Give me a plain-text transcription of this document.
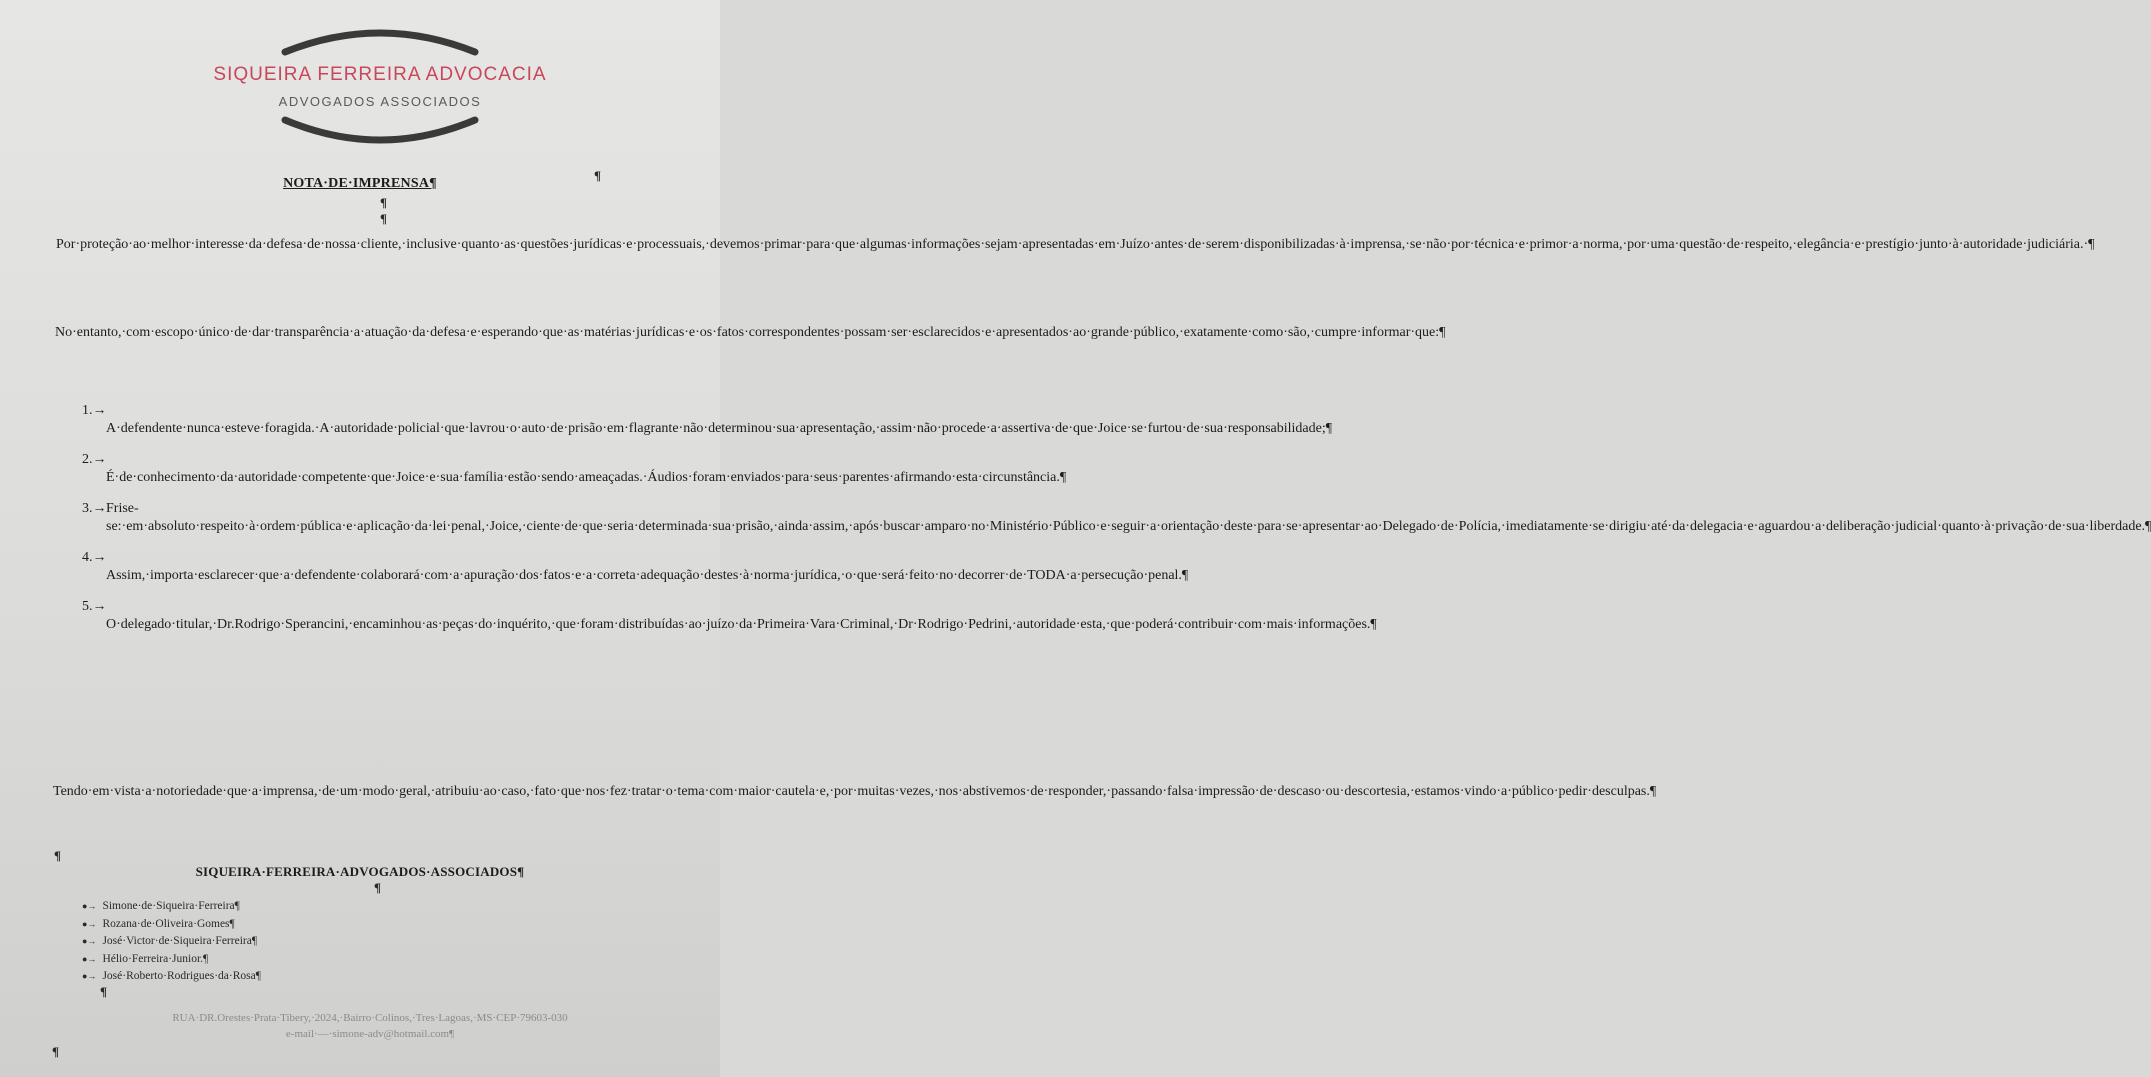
SIQUEIRA FERREIRA ADVOCACIA
ADVOGADOS ASSOCIADOS
¶
NOTA·DE·IMPRENSA¶
¶
¶

Por·proteção·ao·melhor·interesse·da·defesa·de·nossa·cliente,·inclusive·quanto·as·questões·jurídicas·e·processuais,·devemos·primar·para·que·algumas·informações·sejam·apresentadas·em·Juízo·antes·de·serem·disponibilizadas·à·imprensa,·se·não·por·técnica·e·primor·a·norma,·por·uma·questão·de·respeito,·elegância·e·prestígio·junto·à·autoridade·judiciária.·¶

No·entanto,·com·escopo·único·de·dar·transparência·a·atuação·da·defesa·e·esperando·que·as·matérias·jurídicas·e·os·fatos·correspondentes·possam·ser·esclarecidos·e·apresentados·ao·grande·público,·exatamente·como·são,·cumpre·informar·que:¶

1.→A·defendente·nunca·esteve·foragida.·A·autoridade·policial·que·lavrou·o·auto·de·prisão·em·flagrante·não·determinou·sua·apresentação,·assim·não·procede·a·assertiva·de·que·Joice·se·furtou·de·sua·responsabilidade;¶
2.→É·de·conhecimento·da·autoridade·competente·que·Joice·e·sua·família·estão·sendo·ameaçadas.·Áudios·foram·enviados·para·seus·parentes·afirmando·esta·circunstância.¶
3.→Frise-se:·em·absoluto·respeito·à·ordem·pública·e·aplicação·da·lei·penal,·Joice,·ciente·de·que·seria·determinada·sua·prisão,·ainda·assim,·após·buscar·amparo·no·Ministério·Público·e·seguir·a·orientação·deste·para·se·apresentar·ao·Delegado·de·Polícia,·imediatamente·se·dirigiu·até·da·delegacia·e·aguardou·a·deliberação·judicial·quanto·à·privação·de·sua·liberdade.¶
4.→Assim,·importa·esclarecer·que·a·defendente·colaborará·com·a·apuração·dos·fatos·e·a·correta·adequação·destes·à·norma·jurídica,·o·que·será·feito·no·decorrer·de·TODA·a·persecução·penal.¶
5.→O·delegado·titular,·Dr.Rodrigo·Sperancini,·encaminhou·as·peças·do·inquérito,·que·foram·distribuídas·ao·juízo·da·Primeira·Vara·Criminal,·Dr·Rodrigo·Pedrini,·autoridade·esta,·que·poderá·contribuir·com·mais·informações.¶

Tendo·em·vista·a·notoriedade·que·a·imprensa,·de·um·modo·geral,·atribuiu·ao·caso,·fato·que·nos·fez·tratar·o·tema·com·maior·cautela·e,·por·muitas·vezes,·nos·abstivemos·de·responder,·passando·falsa·impressão·de·descaso·ou·descortesia,·estamos·vindo·a·público·pedir·desculpas.¶

¶
SIQUEIRA·FERREIRA·ADVOGADOS·ASSOCIADOS¶
¶
●→ Simone·de·Siqueira·Ferreira¶
●→ Rozana·de·Oliveira·Gomes¶
●→ José·Victor·de·Siqueira·Ferreira¶
●→ Hélio·Ferreira·Junior.¶
●→ José·Roberto·Rodrigues·da·Rosa¶
¶
RUA·DR.Orestes·Prata·Tibery,·2024,·Bairro·Colinos,·Tres·Lagoas,·MS·CEP·79603-030
e-mail·—·simone-adv@hotmail.com¶
¶
